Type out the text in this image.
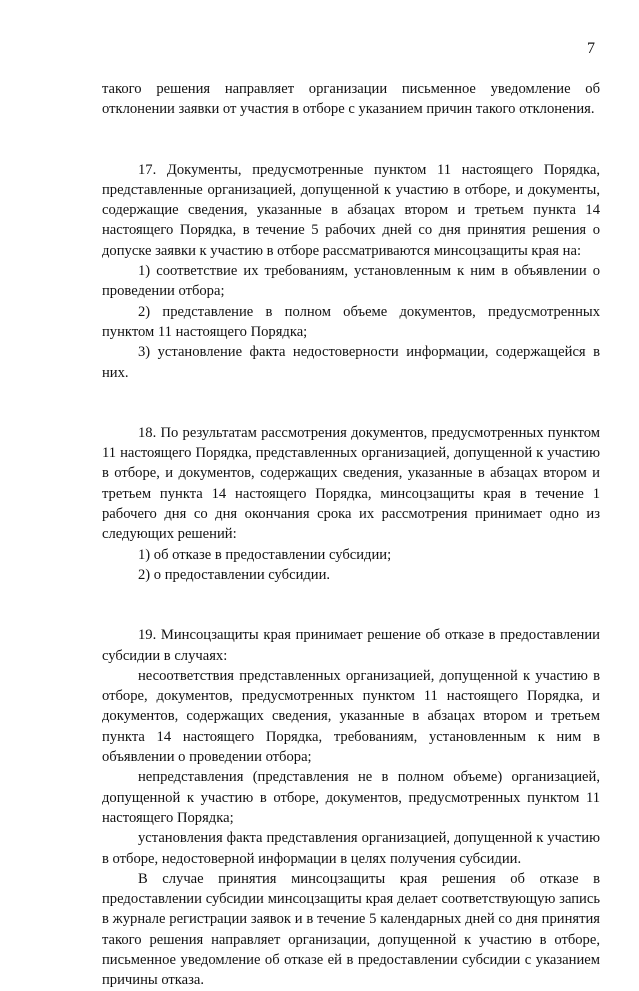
7

такого решения направляет организации письменное уведомление об отклонении заявки от участия в отборе с указанием причин такого отклонения.

17. Документы, предусмотренные пунктом 11 настоящего Порядка, представленные организацией, допущенной к участию в отборе, и документы, содержащие сведения, указанные в абзацах втором и третьем пункта 14 настоящего Порядка, в течение 5 рабочих дней со дня принятия решения о допуске заявки к участию в отборе рассматриваются минсоцзащиты края на:

1) соответствие их требованиям, установленным к ним в объявлении о проведении отбора;

2) представление в полном объеме документов, предусмотренных пунктом 11 настоящего Порядка;

3) установление факта недостоверности информации, содержащейся в них.

18. По результатам рассмотрения документов, предусмотренных пунктом 11 настоящего Порядка, представленных организацией, допущенной к участию в отборе, и документов, содержащих сведения, указанные в абзацах втором и третьем пункта 14 настоящего Порядка, минсоцзащиты края в течение 1 рабочего дня со дня окончания срока их рассмотрения принимает одно из следующих решений:

1) об отказе в предоставлении субсидии;

2) о предоставлении субсидии.

19. Минсоцзащиты края принимает решение об отказе в предоставлении субсидии в случаях:

несоответствия представленных организацией, допущенной к участию в отборе, документов, предусмотренных пунктом 11 настоящего Порядка, и документов, содержащих сведения, указанные в абзацах втором и третьем пункта 14 настоящего Порядка, требованиям, установленным к ним в объявлении о проведении отбора;

непредставления (представления не в полном объеме) организацией, допущенной к участию в отборе, документов, предусмотренных пунктом 11 настоящего Порядка;

установления факта представления организацией, допущенной к участию в отборе, недостоверной информации в целях получения субсидии.

В случае принятия минсоцзащиты края решения об отказе в предоставлении субсидии минсоцзащиты края делает соответствующую запись в журнале регистрации заявок и в течение 5 календарных дней со дня принятия такого решения направляет организации, допущенной к участию в отборе, письменное уведомление об отказе ей в предоставлении субсидии с указанием причины отказа.
